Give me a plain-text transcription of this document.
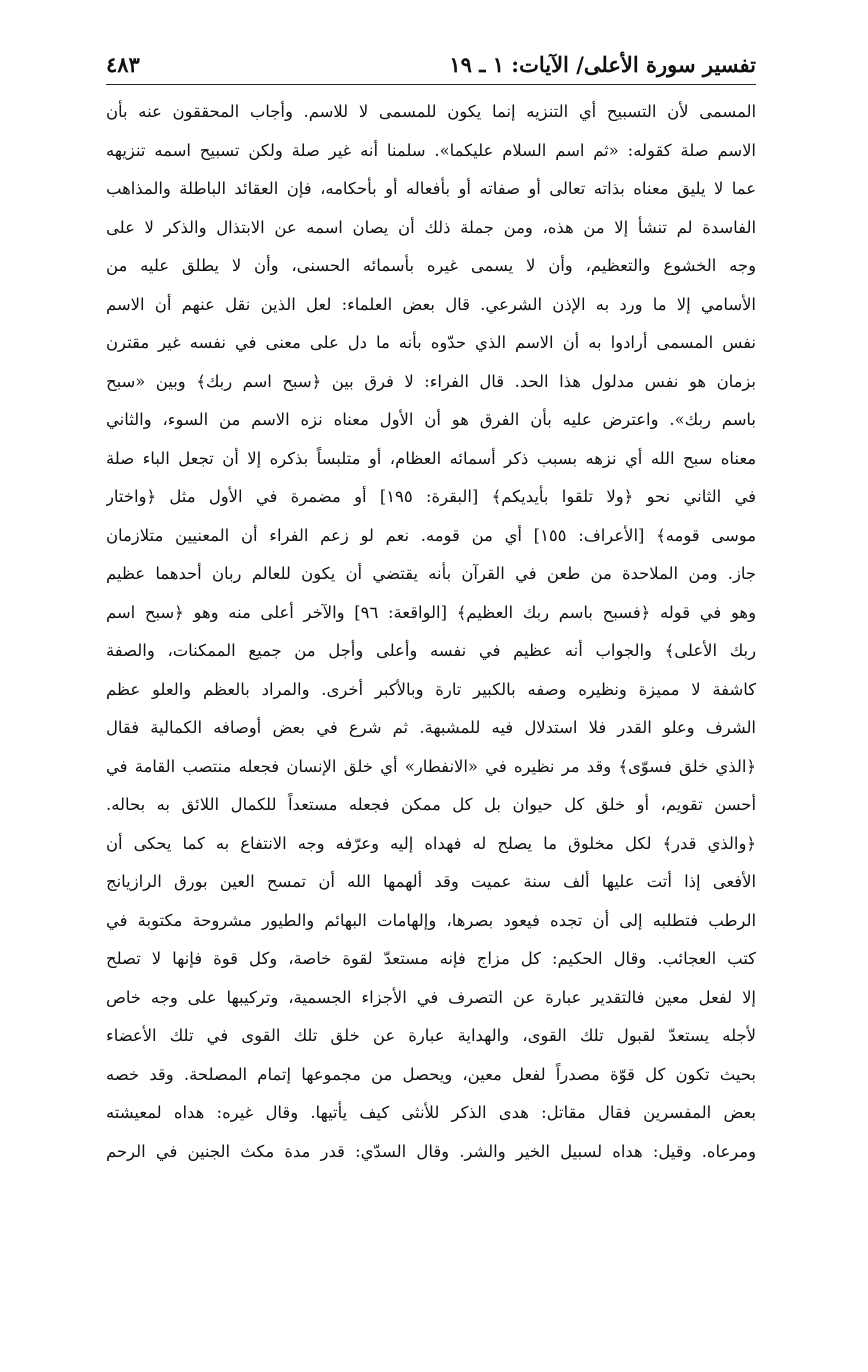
تفسير سورة الأعلى/ الآيات: ١ ـ ١٩
٤٨٣
المسمى لأن التسبيح أي التنزيه إنما يكون للمسمى لا للاسم. وأجاب المحققون عنه بأن
الاسم صلة كقوله: «ثم اسم السلام عليكما». سلمنا أنه غير صلة ولكن تسبيح اسمه تنزيهه
عما لا يليق معناه بذاته تعالى أو صفاته أو بأفعاله أو بأحكامه، فإن العقائد الباطلة والمذاهب
الفاسدة لم تنشأ إلا من هذه، ومن جملة ذلك أن يصان اسمه عن الابتذال والذكر لا على
وجه الخشوع والتعظيم، وأن لا يسمى غيره بأسمائه الحسنى، وأن لا يطلق عليه من
الأسامي إلا ما ورد به الإذن الشرعي. قال بعض العلماء: لعل الذين نقل عنهم أن الاسم
نفس المسمى أرادوا به أن الاسم الذي حدّوه بأنه ما دل على معنى في نفسه غير مقترن
بزمان هو نفس مدلول هذا الحد. قال الفراء: لا فرق بين ﴿سبح اسم ربك﴾ وبين «سبح
باسم ربك». واعترض عليه بأن الفرق هو أن الأول معناه نزه الاسم من السوء، والثاني
معناه سبح الله أي نزهه بسبب ذكر أسمائه العظام، أو متلبساً بذكره إلا أن تجعل الباء صلة
في الثاني نحو ﴿ولا تلقوا بأيديكم﴾ [البقرة: ١٩٥] أو مضمرة في الأول مثل ﴿واختار
موسى قومه﴾ [الأعراف: ١٥٥] أي من قومه. نعم لو زعم الفراء أن المعنيين متلازمان
جاز. ومن الملاحدة من طعن في القرآن بأنه يقتضي أن يكون للعالم ربان أحدهما عظيم
وهو في قوله ﴿فسبح باسم ربك العظيم﴾ [الواقعة: ٩٦] والآخر أعلى منه وهو ﴿سبح اسم
ربك الأعلى﴾ والجواب أنه عظيم في نفسه وأعلى وأجل من جميع الممكنات، والصفة
كاشفة لا مميزة ونظيره وصفه بالكبير تارة وبالأكبر أخرى. والمراد بالعظم والعلو عظم
الشرف وعلو القدر فلا استدلال فيه للمشبهة. ثم شرع في بعض أوصافه الكمالية فقال
﴿الذي خلق فسوّى﴾ وقد مر نظيره في «الانفطار» أي خلق الإنسان فجعله منتصب القامة في
أحسن تقويم، أو خلق كل حيوان بل كل ممكن فجعله مستعداً للكمال اللائق به بحاله.
﴿والذي قدر﴾ لكل مخلوق ما يصلح له فهداه إليه وعرّفه وجه الانتفاع به كما يحكى أن
الأفعى إذا أتت عليها ألف سنة عميت وقد ألهمها الله أن تمسح العين بورق الرازيانج
الرطب فتطلبه إلى أن تجده فيعود بصرها، وإلهامات البهائم والطيور مشروحة مكتوبة في
كتب العجائب. وقال الحكيم: كل مزاج فإنه مستعدّ لقوة خاصة، وكل قوة فإنها لا تصلح
إلا لفعل معين فالتقدير عبارة عن التصرف في الأجزاء الجسمية، وتركيبها على وجه خاص
لأجله يستعدّ لقبول تلك القوى، والهداية عبارة عن خلق تلك القوى في تلك الأعضاء
بحيث تكون كل قوّة مصدراً لفعل معين، ويحصل من مجموعها إتمام المصلحة. وقد خصه
بعض المفسرين فقال مقاتل: هدى الذكر للأنثى كيف يأتيها. وقال غيره: هداه لمعيشته
ومرعاه. وقيل: هداه لسبيل الخير والشر. وقال السدّي: قدر مدة مكث الجنين في الرحم
